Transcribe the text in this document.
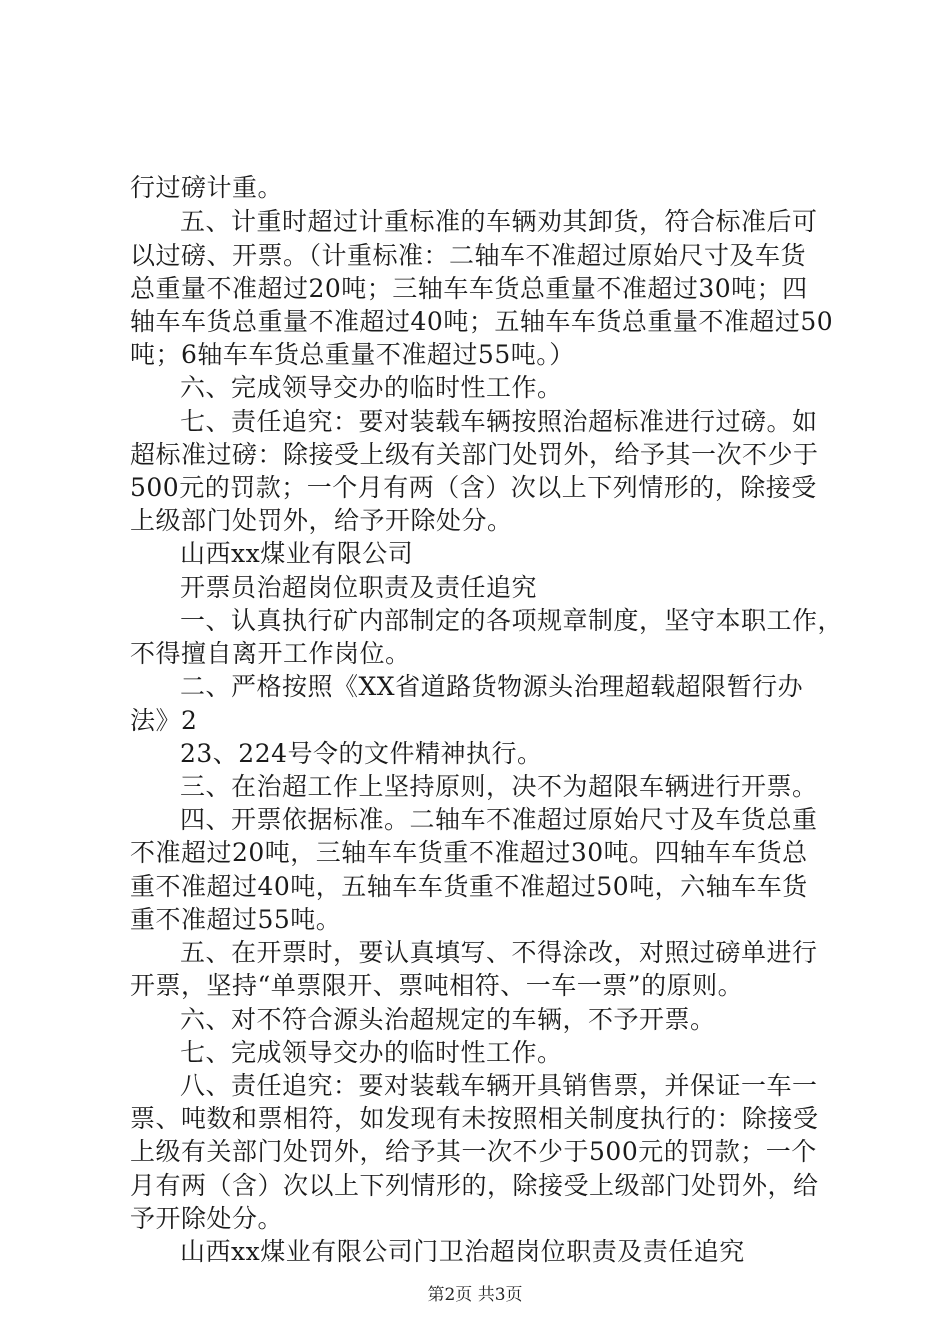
行过磅计重。
五、计重时超过计重标准的车辆劝其卸货，符合标准后可
以过磅、开票。（计重标准：二轴车不准超过原始尺寸及车货
总重量不准超过20吨；三轴车车货总重量不准超过30吨；四
轴车车货总重量不准超过40吨；五轴车车货总重量不准超过50
吨；6轴车车货总重量不准超过55吨。）
六、完成领导交办的临时性工作。
七、责任追究：要对装载车辆按照治超标准进行过磅。如
超标准过磅：除接受上级有关部门处罚外，给予其一次不少于
500元的罚款；一个月有两（含）次以上下列情形的，除接受
上级部门处罚外，给予开除处分。
山西xx煤业有限公司
开票员治超岗位职责及责任追究
一、认真执行矿内部制定的各项规章制度，坚守本职工作，
不得擅自离开工作岗位。
二、严格按照《XX省道路货物源头治理超载超限暂行办
法》2
23、224号令的文件精神执行。
三、在治超工作上坚持原则，决不为超限车辆进行开票。
四、开票依据标准。二轴车不准超过原始尺寸及车货总重
不准超过20吨，三轴车车货重不准超过30吨。四轴车车货总
重不准超过40吨，五轴车车货重不准超过50吨，六轴车车货
重不准超过55吨。
五、在开票时，要认真填写、不得涂改，对照过磅单进行
开票，坚持“单票限开、票吨相符、一车一票”的原则。
六、对不符合源头治超规定的车辆，不予开票。
七、完成领导交办的临时性工作。
八、责任追究：要对装载车辆开具销售票，并保证一车一
票、吨数和票相符，如发现有未按照相关制度执行的：除接受
上级有关部门处罚外，给予其一次不少于500元的罚款；一个
月有两（含）次以上下列情形的，除接受上级部门处罚外，给
予开除处分。
山西xx煤业有限公司门卫治超岗位职责及责任追究
第2页 共3页
